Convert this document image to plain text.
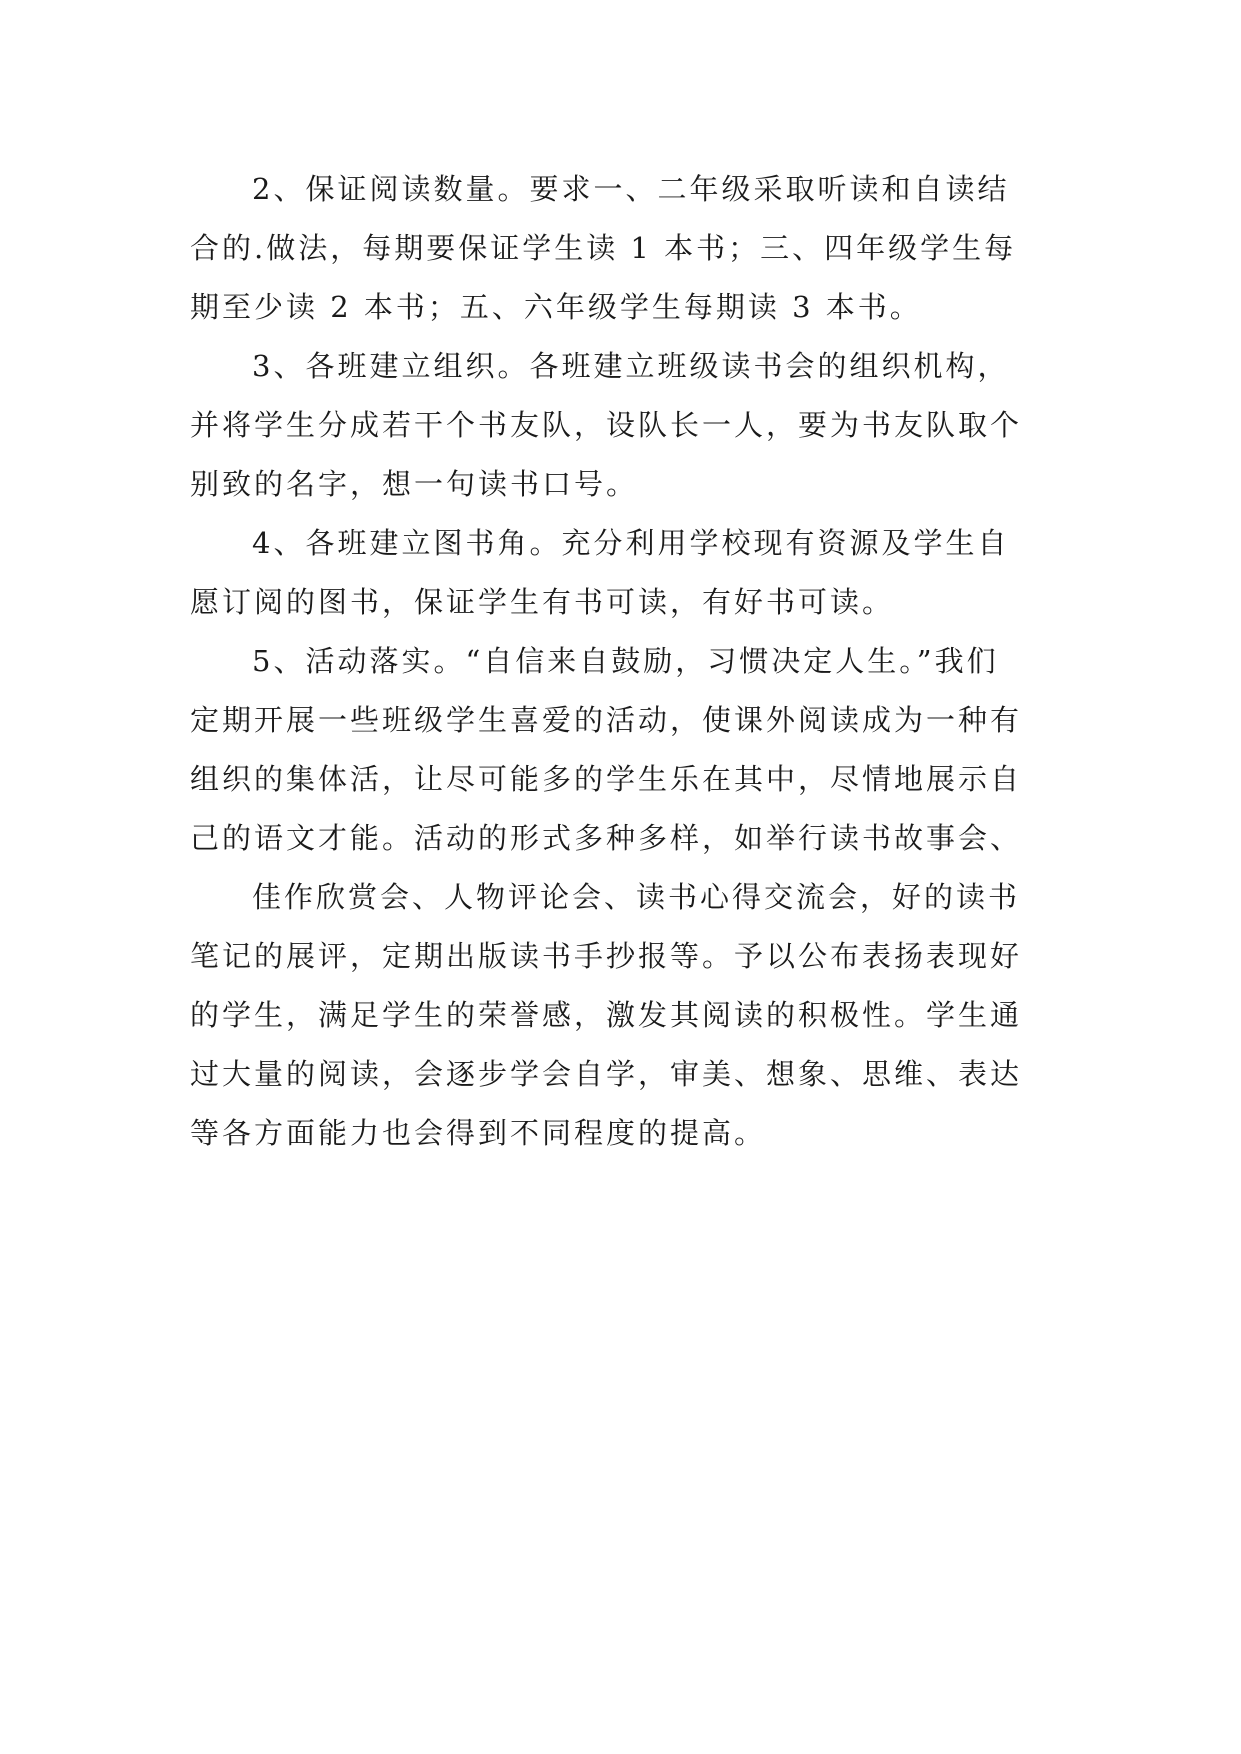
2、保证阅读数量。要求一、二年级采取听读和自读结
合的.做法，每期要保证学生读 1 本书；三、四年级学生每
期至少读 2 本书；五、六年级学生每期读 3 本书。

3、各班建立组织。各班建立班级读书会的组织机构，
并将学生分成若干个书友队，设队长一人，要为书友队取个
别致的名字，想一句读书口号。

4、各班建立图书角。充分利用学校现有资源及学生自
愿订阅的图书，保证学生有书可读，有好书可读。

5、活动落实。“自信来自鼓励，习惯决定人生。”我们
定期开展一些班级学生喜爱的活动，使课外阅读成为一种有
组织的集体活，让尽可能多的学生乐在其中，尽情地展示自
己的语文才能。活动的形式多种多样，如举行读书故事会、

佳作欣赏会、人物评论会、读书心得交流会，好的读书
笔记的展评，定期出版读书手抄报等。予以公布表扬表现好
的学生，满足学生的荣誉感，激发其阅读的积极性。学生通
过大量的阅读，会逐步学会自学，审美、想象、思维、表达
等各方面能力也会得到不同程度的提高。
